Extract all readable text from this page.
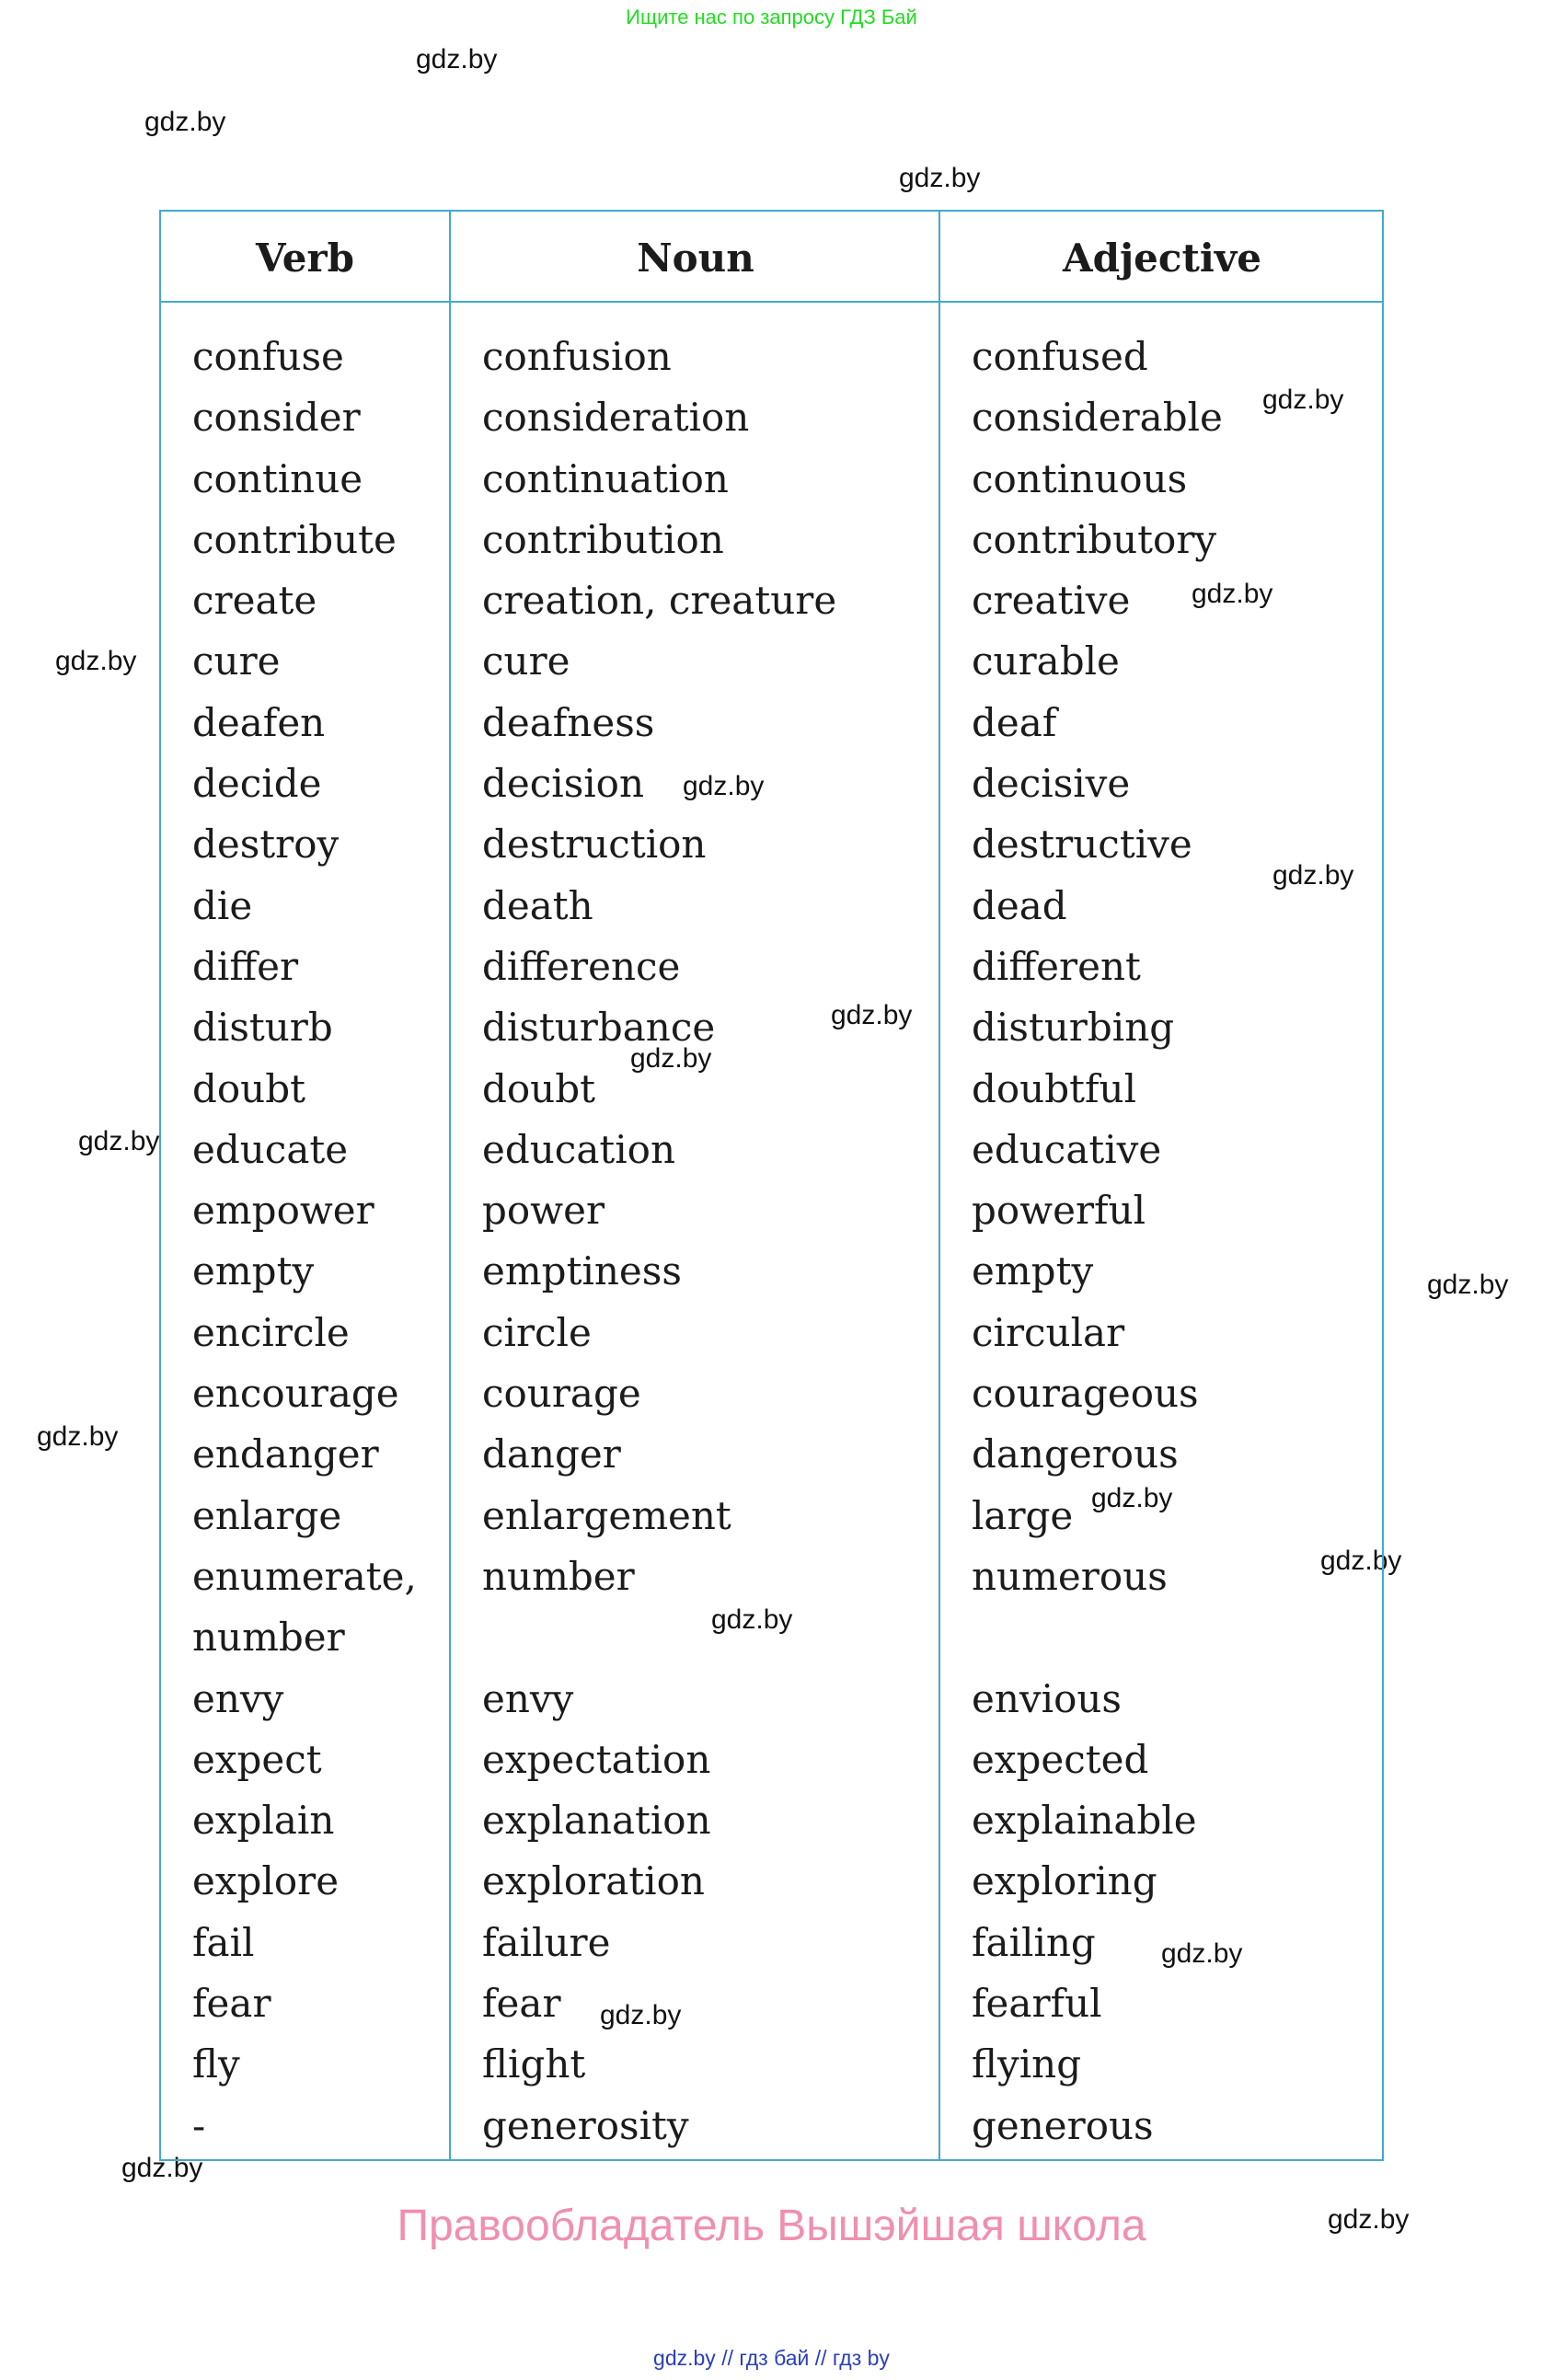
Ищите нас по запросу ГДЗ Бай
gdz.by
gdz.by
gdz.by
gdz.by
gdz.by
gdz.by
gdz.by
gdz.by
gdz.by
gdz.by
gdz.by
gdz.by
gdz.by
gdz.by
gdz.by
gdz.by
gdz.by
gdz.by
gdz.by
gdz.by
Verb
confuse
consider
continue
contribute
create
cure
deafen
decide
destroy
die
differ
disturb
doubt
educate
empower
empty
encircle
encourage
endanger
enlarge
enumerate,
number
envy
expect
explain
explore
fail
fear
fly
-
Noun
confusion
consideration
continuation
contribution
creation, creature
cure
deafness
decision
destruction
death
difference
disturbance
doubt
education
power
emptiness
circle
courage
danger
enlargement
number
envy
expectation
explanation
exploration
failure
fear
flight
generosity
Adjective
confused
considerable
continuous
contributory
creative
curable
deaf
decisive
destructive
dead
different
disturbing
doubtful
educative
powerful
empty
circular
courageous
dangerous
large
numerous
envious
expected
explainable
exploring
failing
fearful
flying
generous
Правообладатель Вышэйшая школа
gdz.by // гдз бай // гдз by
